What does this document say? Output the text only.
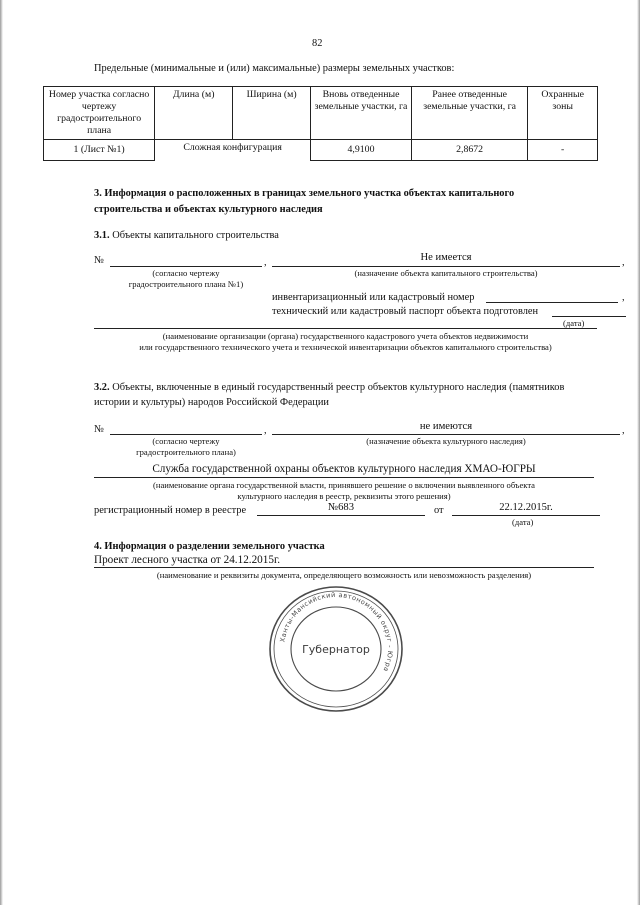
82
Предельные (минимальные и (или) максимальные) размеры земельных участков:
Номер участка согласно чертежу градостроительного плана	Длина (м)	Ширина (м)	Вновь отведенные земельные участки, га	Ранее отведенные земельные участки, га	Охранные зоны
1 (Лист №1)	Сложная конфигурация		4,9100	2,8672	-
3. Информация о расположенных в границах земельного участка объектах капитального
строительства и объектах культурного наследия
3.1. Объекты капитального строительства
№	,	Не имеется	,
(согласно чертежу
градостроительного плана №1)
(назначение объекта капитального строительства)
инвентаризационный или кадастровый номер	,
технический или кадастровый паспорт объекта подготовлен
(дата)
(наименование организации (органа) государственного кадастрового учета объектов недвижимости
или государственного технического учета и технической инвентаризации объектов капитального строительства)
3.2. Объекты, включенные в единый государственный реестр объектов культурного наследия (памятников
истории и культуры) народов Российской Федерации
№	,	не имеются	,
(согласно чертежу
градостроительного плана)
(назначение объекта культурного наследия)
Служба государственной охраны объектов культурного наследия ХМАО-ЮГРЫ
(наименование органа государственной власти, принявшего решение о включении выявленного объекта
культурного наследия в реестр, реквизиты этого решения)
регистрационный номер в реестре	№683	от	22.12.2015г.
(дата)
4. Информация о разделении земельного участка
Проект лесного участка от 24.12.2015г.
(наименование и реквизиты документа, определяющего возможность или невозможность разделения)
Ханты-Мансийский автономный округ - Югра
Губернатор
